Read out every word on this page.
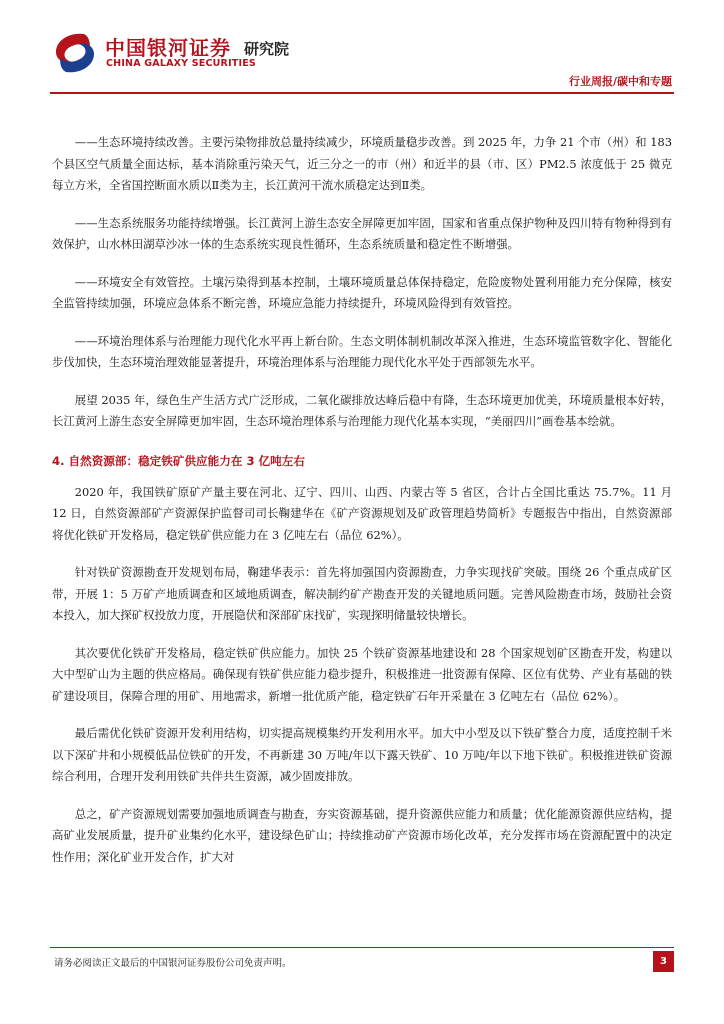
中国银河证券
CHINA GALAXY SECURITIES
研究院
行业周报/碳中和专题

——生态环境持续改善。主要污染物排放总量持续减少，环境质量稳步改善。到 2025 年，力争 21 个市（州）和 183 个县区空气质量全面达标，基本消除重污染天气，近三分之一的市（州）和近半的县（市、区）PM2.5 浓度低于 25 微克每立方米，全省国控断面水质以Ⅱ类为主，长江黄河干流水质稳定达到Ⅱ类。

——生态系统服务功能持续增强。长江黄河上游生态安全屏障更加牢固，国家和省重点保护物种及四川特有物种得到有效保护，山水林田湖草沙冰一体的生态系统实现良性循环，生态系统质量和稳定性不断增强。

——环境安全有效管控。土壤污染得到基本控制，土壤环境质量总体保持稳定，危险废物处置利用能力充分保障，核安全监管持续加强，环境应急体系不断完善，环境应急能力持续提升，环境风险得到有效管控。

——环境治理体系与治理能力现代化水平再上新台阶。生态文明体制机制改革深入推进，生态环境监管数字化、智能化步伐加快，生态环境治理效能显著提升，环境治理体系与治理能力现代化水平处于西部领先水平。

展望 2035 年，绿色生产生活方式广泛形成，二氧化碳排放达峰后稳中有降，生态环境更加优美，环境质量根本好转，长江黄河上游生态安全屏障更加牢固，生态环境治理体系与治理能力现代化基本实现，“美丽四川”画卷基本绘就。

4. 自然资源部：稳定铁矿供应能力在 3 亿吨左右

2020 年，我国铁矿原矿产量主要在河北、辽宁、四川、山西、内蒙古等 5 省区，合计占全国比重达 75.7%。11 月 12 日，自然资源部矿产资源保护监督司司长鞠建华在《矿产资源规划及矿政管理趋势简析》专题报告中指出，自然资源部将优化铁矿开发格局，稳定铁矿供应能力在 3 亿吨左右（品位 62%）。

针对铁矿资源勘查开发规划布局，鞠建华表示：首先将加强国内资源勘查，力争实现找矿突破。围绕 26 个重点成矿区带，开展 1：5 万矿产地质调查和区域地质调查，解决制约矿产勘查开发的关键地质问题。完善风险勘查市场，鼓励社会资本投入，加大探矿权投放力度，开展隐伏和深部矿床找矿，实现探明储量较快增长。

其次要优化铁矿开发格局，稳定铁矿供应能力。加快 25 个铁矿资源基地建设和 28 个国家规划矿区勘查开发，构建以大中型矿山为主题的供应格局。确保现有铁矿供应能力稳步提升，积极推进一批资源有保障、区位有优势、产业有基础的铁矿建设项目，保障合理的用矿、用地需求，新增一批优质产能，稳定铁矿石年开采量在 3 亿吨左右（品位 62%）。

最后需优化铁矿资源开发利用结构，切实提高规模集约开发利用水平。加大中小型及以下铁矿整合力度，适度控制千米以下深矿井和小规模低品位铁矿的开发，不再新建 30 万吨/年以下露天铁矿、10 万吨/年以下地下铁矿。积极推进铁矿资源综合利用，合理开发利用铁矿共伴共生资源，减少固废排放。

总之，矿产资源规划需要加强地质调查与勘查，夯实资源基础，提升资源供应能力和质量；优化能源资源供应结构，提高矿业发展质量，提升矿业集约化水平，建设绿色矿山；持续推动矿产资源市场化改革，充分发挥市场在资源配置中的决定性作用；深化矿业开发合作，扩大对

请务必阅读正文最后的中国银河证券股份公司免责声明。	3
